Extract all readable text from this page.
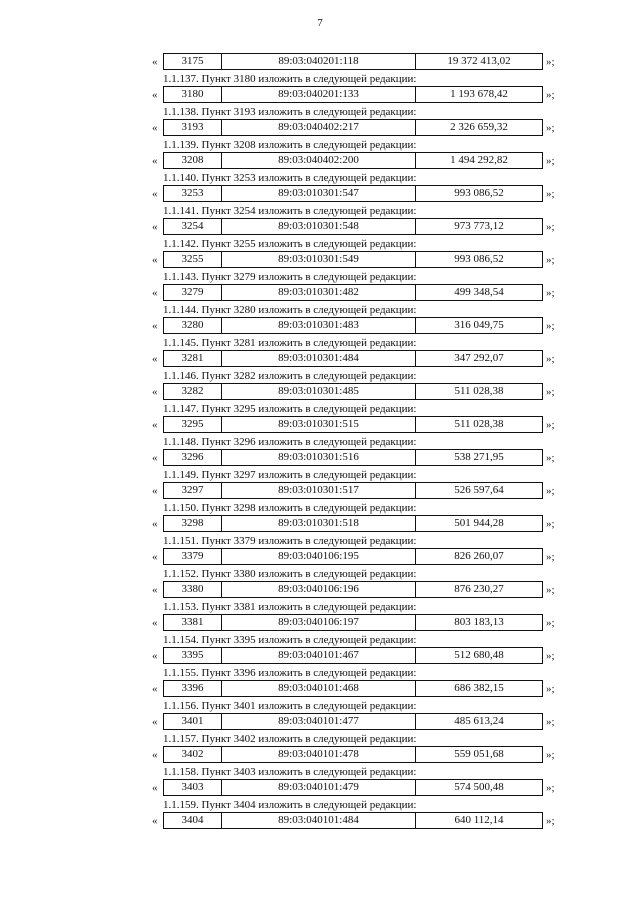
7
«	3175	89:03:040201:118	19 372 413,02	»;
1.1.137. Пункт 3180 изложить в следующей редакции:
«	3180	89:03:040201:133	1 193 678,42	»;
1.1.138. Пункт 3193 изложить в следующей редакции:
«	3193	89:03:040402:217	2 326 659,32	»;
1.1.139. Пункт 3208 изложить в следующей редакции:
«	3208	89:03:040402:200	1 494 292,82	»;
1.1.140. Пункт 3253 изложить в следующей редакции:
«	3253	89:03:010301:547	993 086,52	»;
1.1.141. Пункт 3254 изложить в следующей редакции:
«	3254	89:03:010301:548	973 773,12	»;
1.1.142. Пункт 3255 изложить в следующей редакции:
«	3255	89:03:010301:549	993 086,52	»;
1.1.143. Пункт 3279 изложить в следующей редакции:
«	3279	89:03:010301:482	499 348,54	»;
1.1.144. Пункт 3280 изложить в следующей редакции:
«	3280	89:03:010301:483	316 049,75	»;
1.1.145. Пункт 3281 изложить в следующей редакции:
«	3281	89:03:010301:484	347 292,07	»;
1.1.146. Пункт 3282 изложить в следующей редакции:
«	3282	89:03:010301:485	511 028,38	»;
1.1.147. Пункт 3295 изложить в следующей редакции:
«	3295	89:03:010301:515	511 028,38	»;
1.1.148. Пункт 3296 изложить в следующей редакции:
«	3296	89:03:010301:516	538 271,95	»;
1.1.149. Пункт 3297 изложить в следующей редакции:
«	3297	89:03:010301:517	526 597,64	»;
1.1.150. Пункт 3298 изложить в следующей редакции:
«	3298	89:03:010301:518	501 944,28	»;
1.1.151. Пункт 3379 изложить в следующей редакции:
«	3379	89:03:040106:195	826 260,07	»;
1.1.152. Пункт 3380 изложить в следующей редакции:
«	3380	89:03:040106:196	876 230,27	»;
1.1.153. Пункт 3381 изложить в следующей редакции:
«	3381	89:03:040106:197	803 183,13	»;
1.1.154. Пункт 3395 изложить в следующей редакции:
«	3395	89:03:040101:467	512 680,48	»;
1.1.155. Пункт 3396 изложить в следующей редакции:
«	3396	89:03:040101:468	686 382,15	»;
1.1.156. Пункт 3401 изложить в следующей редакции:
«	3401	89:03:040101:477	485 613,24	»;
1.1.157. Пункт 3402 изложить в следующей редакции:
«	3402	89:03:040101:478	559 051,68	»;
1.1.158. Пункт 3403 изложить в следующей редакции:
«	3403	89:03:040101:479	574 500,48	»;
1.1.159. Пункт 3404 изложить в следующей редакции:
«	3404	89:03:040101:484	640 112,14	»;
